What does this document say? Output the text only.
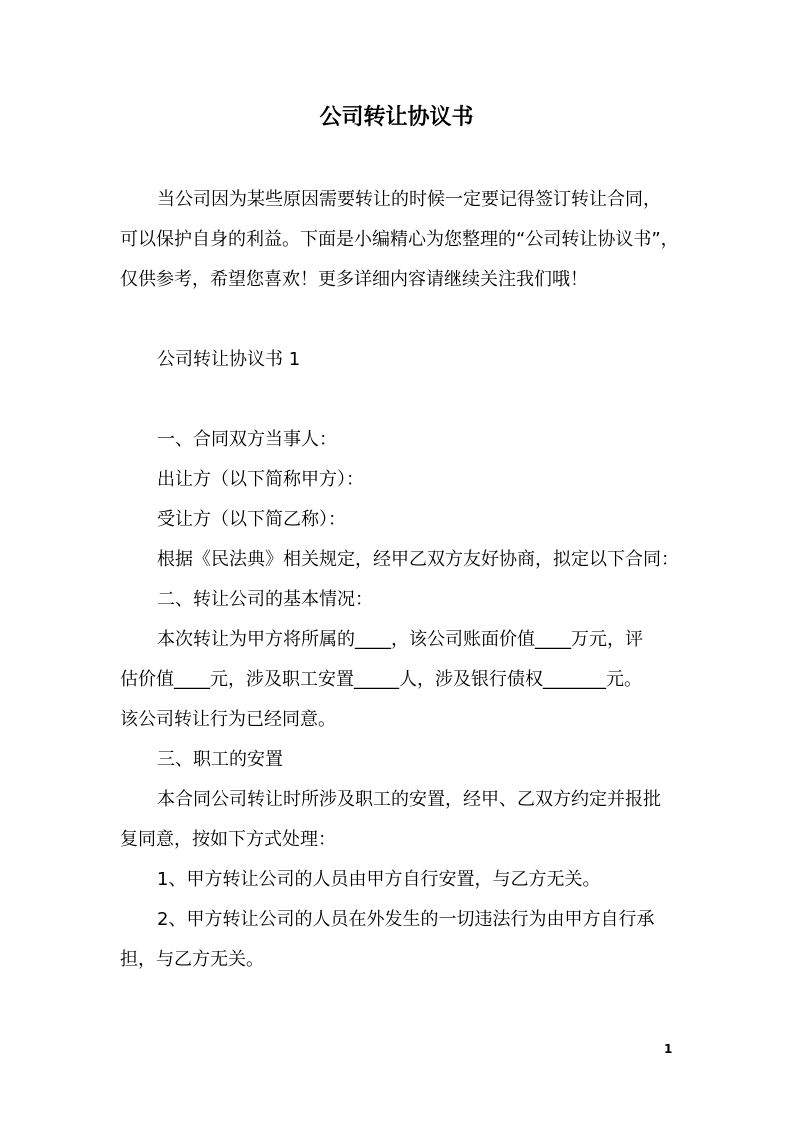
公司转让协议书

当公司因为某些原因需要转让的时候一定要记得签订转让合同，

可以保护自身的利益。下面是小编精心为您整理的“公司转让协议书”，

仅供参考，希望您喜欢！更多详细内容请继续关注我们哦！

公司转让协议书 1

一、合同双方当事人：

出让方（以下简称甲方）：

受让方（以下简乙称）：

根据《民法典》相关规定，经甲乙双方友好协商，拟定以下合同：

二、转让公司的基本情况：

本次转让为甲方将所属的____，该公司账面价值____万元，评

估价值____元，涉及职工安置_____人，涉及银行债权_______元。

该公司转让行为已经同意。

三、职工的安置

本合同公司转让时所涉及职工的安置，经甲、乙双方约定并报批

复同意，按如下方式处理：

1、甲方转让公司的人员由甲方自行安置，与乙方无关。

2、甲方转让公司的人员在外发生的一切违法行为由甲方自行承

担，与乙方无关。

1
